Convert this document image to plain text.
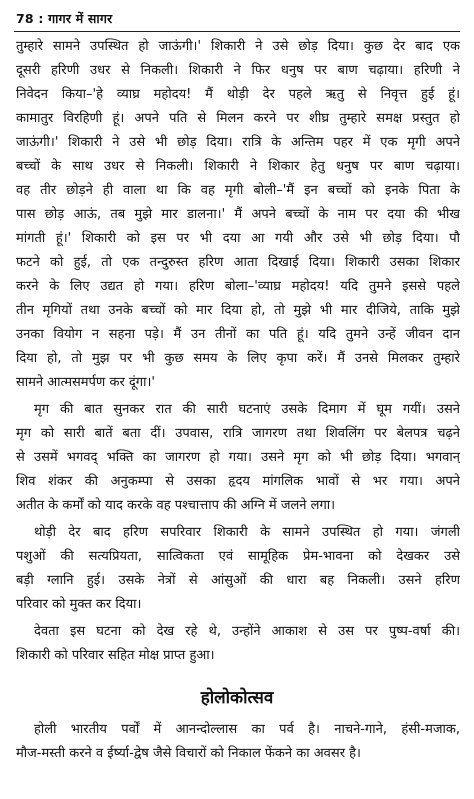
78 : गागर में सागर
तुम्हारे सामने उपस्थित हो जाऊंगी।' शिकारी ने उसे छोड़ दिया। कुछ देर बाद एक
दूसरी हरिणी उधर से निकली। शिकारी ने फिर धनुष पर बाण चढ़ाया। हरिणी ने
निवेदन किया–'हे व्याघ्र महोदय! मैं थोड़ी देर पहले ऋतु से निवृत्त हुई हूं।
कामातुर विरहिणी हूं। अपने पति से मिलन करने पर शीघ्र तुम्हारे समक्ष प्रस्तुत हो
जाऊंगी।' शिकारी ने उसे भी छोड़ दिया। रात्रि के अन्तिम पहर में एक मृगी अपने
बच्चों के साथ उधर से निकली। शिकारी ने शिकार हेतु धनुष पर बाण चढ़ाया।
वह तीर छोड़ने ही वाला था कि वह मृगी बोली–'मैं इन बच्चों को इनके पिता के
पास छोड़ आऊं, तब मुझे मार डालना।' मैं अपने बच्चों के नाम पर दया की भीख
मांगती हूं।' शिकारी को इस पर भी दया आ गयी और उसे भी छोड़ दिया। पौ
फटने को हुई, तो एक तन्दुरुस्त हरिण आता दिखाई दिया। शिकारी उसका शिकार
करने के लिए उद्यत हो गया। हरिण बोला–'व्याघ्र महोदय! यदि तुमने इससे पहले
तीन मृगियों तथा उनके बच्चों को मार दिया हो, तो मुझे भी मार दीजिये, ताकि मुझे
उनका वियोग न सहना पड़े। मैं उन तीनों का पति हूं। यदि तुमने उन्हें जीवन दान
दिया हो, तो मुझ पर भी कुछ समय के लिए कृपा करें। मैं उनसे मिलकर तुम्हारे
सामने आत्मसमर्पण कर दूंगा।'
मृग की बात सुनकर रात की सारी घटनाएं उसके दिमाग में घूम गयीं। उसने
मृग को सारी बातें बता दीं। उपवास, रात्रि जागरण तथा शिवलिंग पर बेलपत्र चढ़ने
से उसमें भगवद् भक्ति का जागरण हो गया। उसने मृग को भी छोड़ दिया। भगवान्
शिव शंकर की अनुकम्पा से उसका हृदय मांगलिक भावों से भर गया। अपने
अतीत के कर्मों को याद करके वह पश्चात्ताप की अग्नि में जलने लगा।
थोड़ी देर बाद हरिण सपरिवार शिकारी के सामने उपस्थित हो गया। जंगली
पशुओं की सत्यप्रियता, सात्विकता एवं सामूहिक प्रेम-भावना को देखकर उसे
बड़ी ग्लानि हुई। उसके नेत्रों से आंसुओं की धारा बह निकली। उसने हरिण
परिवार को मुक्त कर दिया।
देवता इस घटना को देख रहे थे, उन्होंने आकाश से उस पर पुष्प-वर्षा की।
शिकारी को परिवार सहित मोक्ष प्राप्त हुआ।
होलोकोत्सव
होली भारतीय पर्वों में आनन्दोल्लास का पर्व है। नाचने-गाने, हंसी-मजाक,
मौज-मस्ती करने व ईर्ष्या-द्वेष जैसे विचारों को निकाल फेंकने का अवसर है।
